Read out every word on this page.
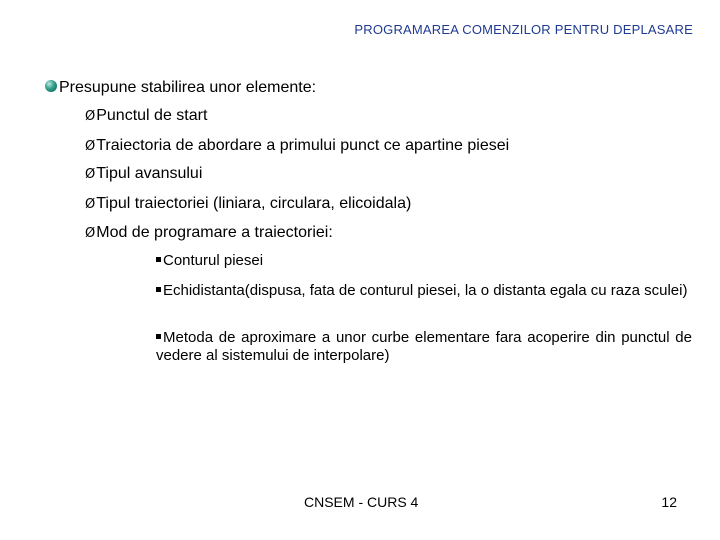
PROGRAMAREA COMENZILOR PENTRU DEPLASARE
Presupune stabilirea unor elemente:
ØPunctul de start
ØTraiectoria de abordare a primului punct ce apartine piesei
ØTipul avansului
ØTipul traiectoriei (liniara, circulara, elicoidala)
ØMod de programare a traiectoriei:
Conturul piesei
Echidistanta(dispusa, fata de conturul piesei, la o distanta egala cu raza sculei)
Metoda de aproximare a unor curbe elementare fara acoperire din punctul de vedere al sistemului de interpolare)
CNSEM - CURS 4	12
